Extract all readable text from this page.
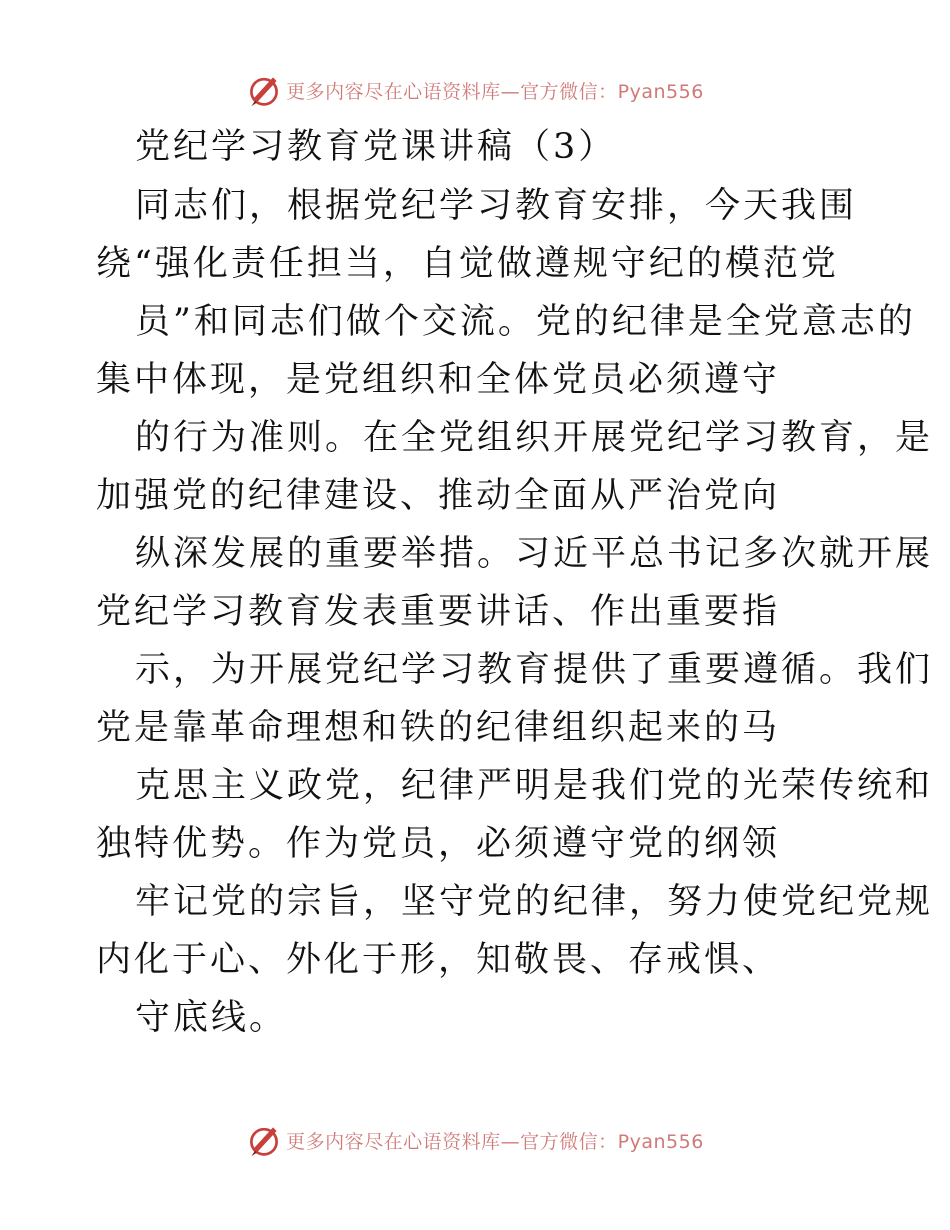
更多内容尽在心语资料库—官方微信：Pyan556
党纪学习教育党课讲稿（3）
同志们，根据党纪学习教育安排，今天我围
绕“强化责任担当，自觉做遵规守纪的模范党
员”和同志们做个交流。党的纪律是全党意志的
集中体现，是党组织和全体党员必须遵守
的行为准则。在全党组织开展党纪学习教育，是
加强党的纪律建设、推动全面从严治党向
纵深发展的重要举措。习近平总书记多次就开展
党纪学习教育发表重要讲话、作出重要指
示，为开展党纪学习教育提供了重要遵循。我们
党是靠革命理想和铁的纪律组织起来的马
克思主义政党，纪律严明是我们党的光荣传统和
独特优势。作为党员，必须遵守党的纲领
牢记党的宗旨，坚守党的纪律，努力使党纪党规
内化于心、外化于形，知敬畏、存戒惧、
守底线。
更多内容尽在心语资料库—官方微信：Pyan556
